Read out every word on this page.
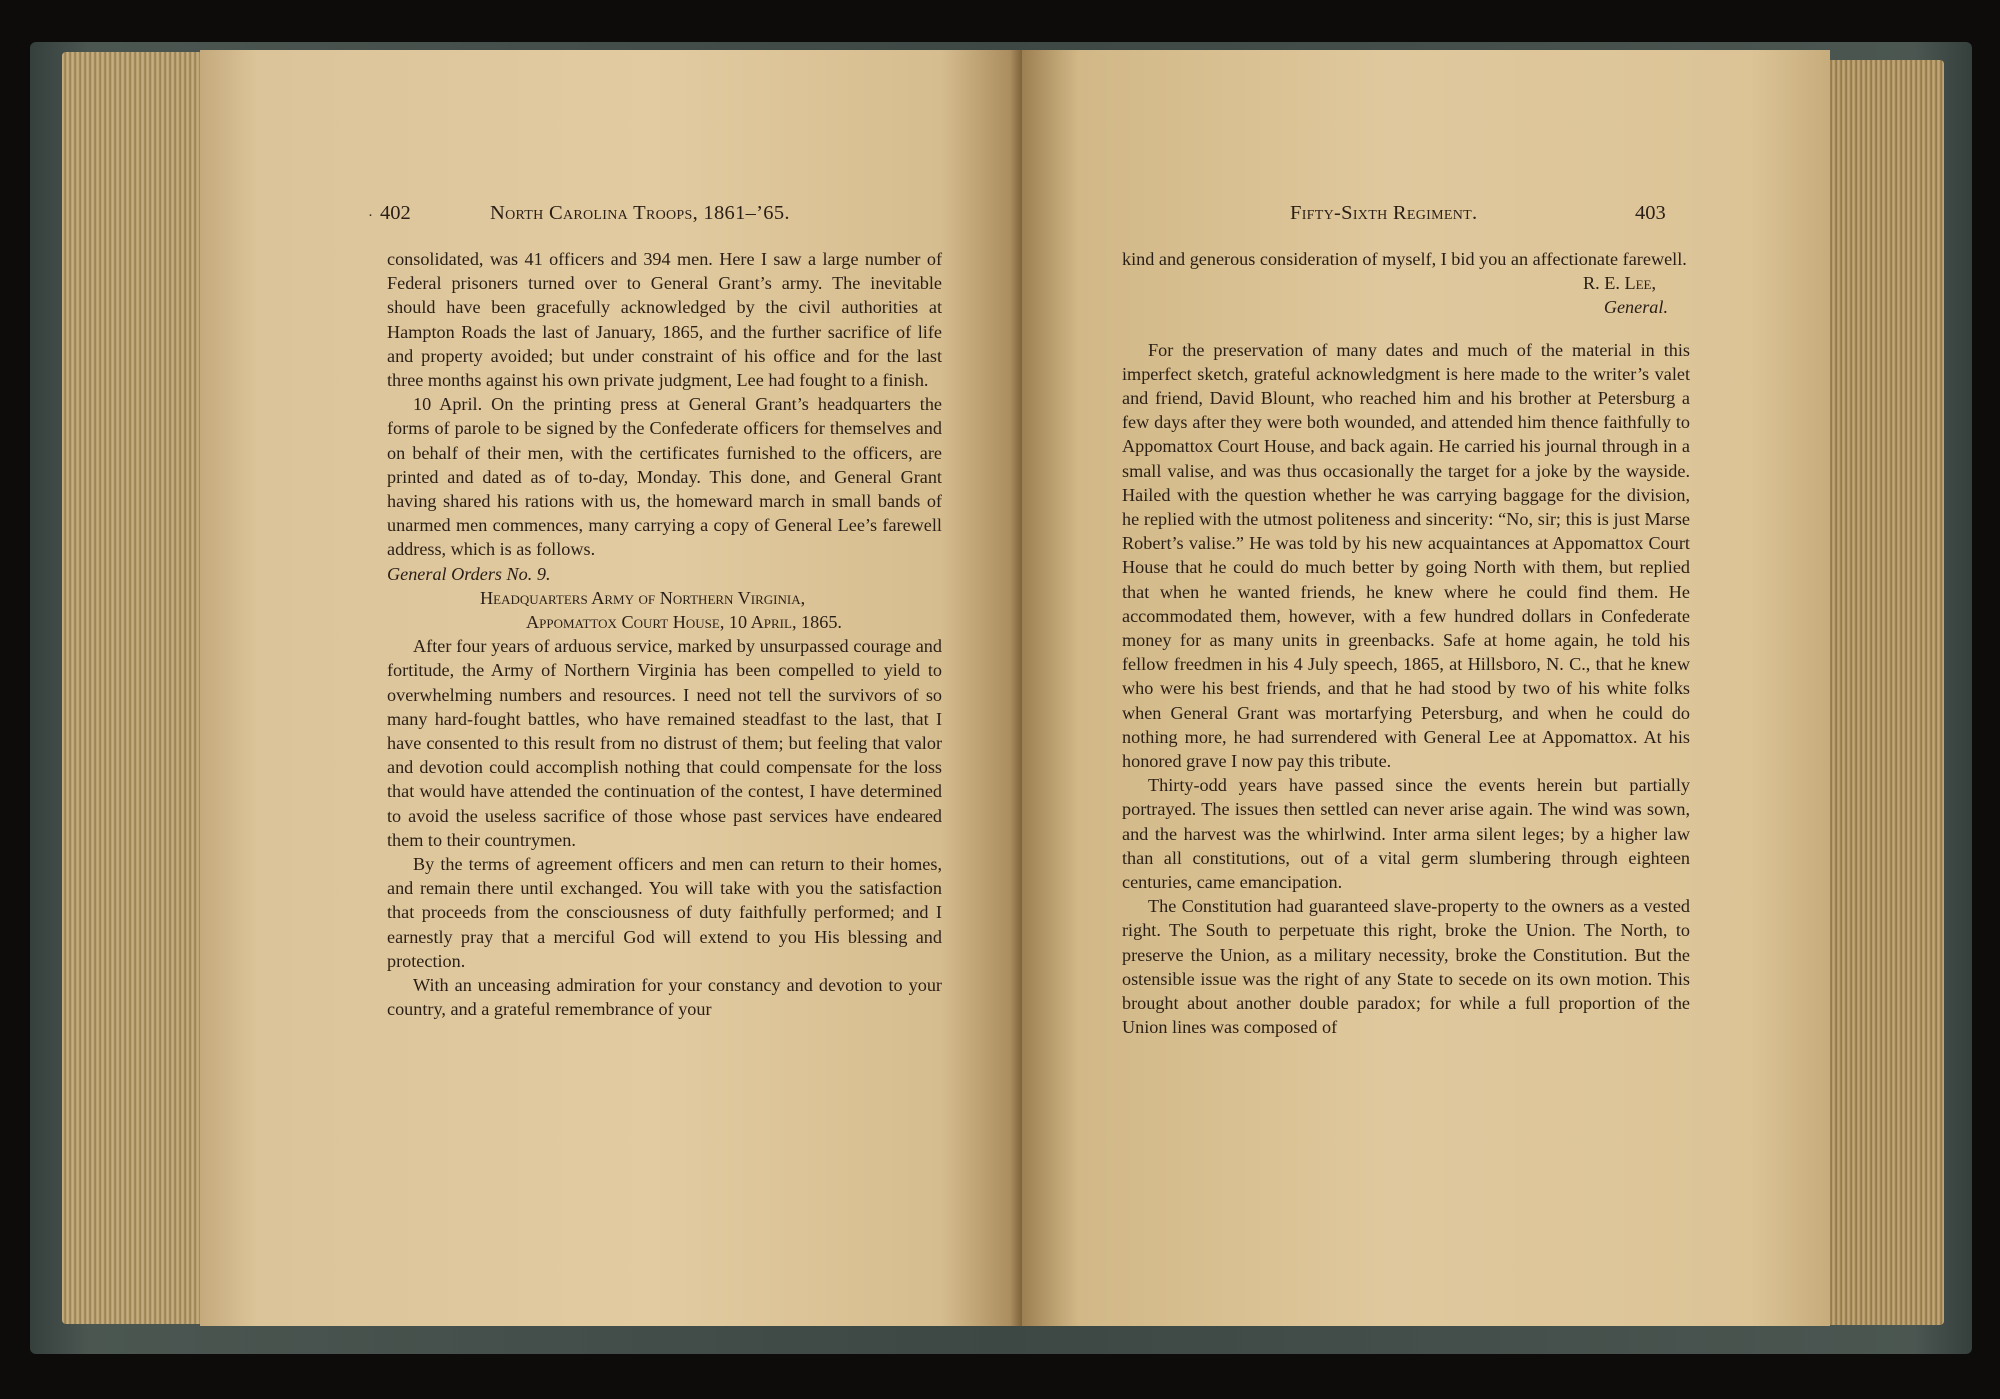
· 402	North Carolina Troops, 1861–’65.

consolidated, was 41 officers and 394 men. Here I saw a large number of Federal prisoners turned over to General Grant’s army. The inevitable should have been gracefully acknowledged by the civil authorities at Hampton Roads the last of January, 1865, and the further sacrifice of life and property avoided; but under constraint of his office and for the last three months against his own private judgment, Lee had fought to a finish.

10 April. On the printing press at General Grant’s headquarters the forms of parole to be signed by the Confederate officers for themselves and on behalf of their men, with the certificates furnished to the officers, are printed and dated as of to-day, Monday. This done, and General Grant having shared his rations with us, the homeward march in small bands of unarmed men commences, many carrying a copy of General Lee’s farewell address, which is as follows.

General Orders No. 9.

Headquarters Army of Northern Virginia,

Appomattox Court House, 10 April, 1865.

After four years of arduous service, marked by unsurpassed courage and fortitude, the Army of Northern Virginia has been compelled to yield to overwhelming numbers and resources. I need not tell the survivors of so many hard-fought battles, who have remained steadfast to the last, that I have consented to this result from no distrust of them; but feeling that valor and devotion could accomplish nothing that could compensate for the loss that would have attended the continuation of the contest, I have determined to avoid the useless sacrifice of those whose past services have endeared them to their countrymen.

By the terms of agreement officers and men can return to their homes, and remain there until exchanged. You will take with you the satisfaction that proceeds from the consciousness of duty faithfully performed; and I earnestly pray that a merciful God will extend to you His blessing and protection.

With an unceasing admiration for your constancy and devotion to your country, and a grateful remembrance of your

Fifty-Sixth Regiment.	403

kind and generous consideration of myself, I bid you an affectionate farewell.

R. E. Lee,

General.

For the preservation of many dates and much of the material in this imperfect sketch, grateful acknowledgment is here made to the writer’s valet and friend, David Blount, who reached him and his brother at Petersburg a few days after they were both wounded, and attended him thence faithfully to Appomattox Court House, and back again. He carried his journal through in a small valise, and was thus occasionally the target for a joke by the wayside. Hailed with the question whether he was carrying baggage for the division, he replied with the utmost politeness and sincerity: “No, sir; this is just Marse Robert’s valise.” He was told by his new acquaintances at Appomattox Court House that he could do much better by going North with them, but replied that when he wanted friends, he knew where he could find them. He accommodated them, however, with a few hundred dollars in Confederate money for as many units in greenbacks. Safe at home again, he told his fellow freedmen in his 4 July speech, 1865, at Hillsboro, N. C., that he knew who were his best friends, and that he had stood by two of his white folks when General Grant was mortarfying Petersburg, and when he could do nothing more, he had surrendered with General Lee at Appomattox. At his honored grave I now pay this tribute.

Thirty-odd years have passed since the events herein but partially portrayed. The issues then settled can never arise again. The wind was sown, and the harvest was the whirlwind. Inter arma silent leges; by a higher law than all constitutions, out of a vital germ slumbering through eighteen centuries, came emancipation.

The Constitution had guaranteed slave-property to the owners as a vested right. The South to perpetuate this right, broke the Union. The North, to preserve the Union, as a military necessity, broke the Constitution. But the ostensible issue was the right of any State to secede on its own motion. This brought about another double paradox; for while a full proportion of the Union lines was composed of
